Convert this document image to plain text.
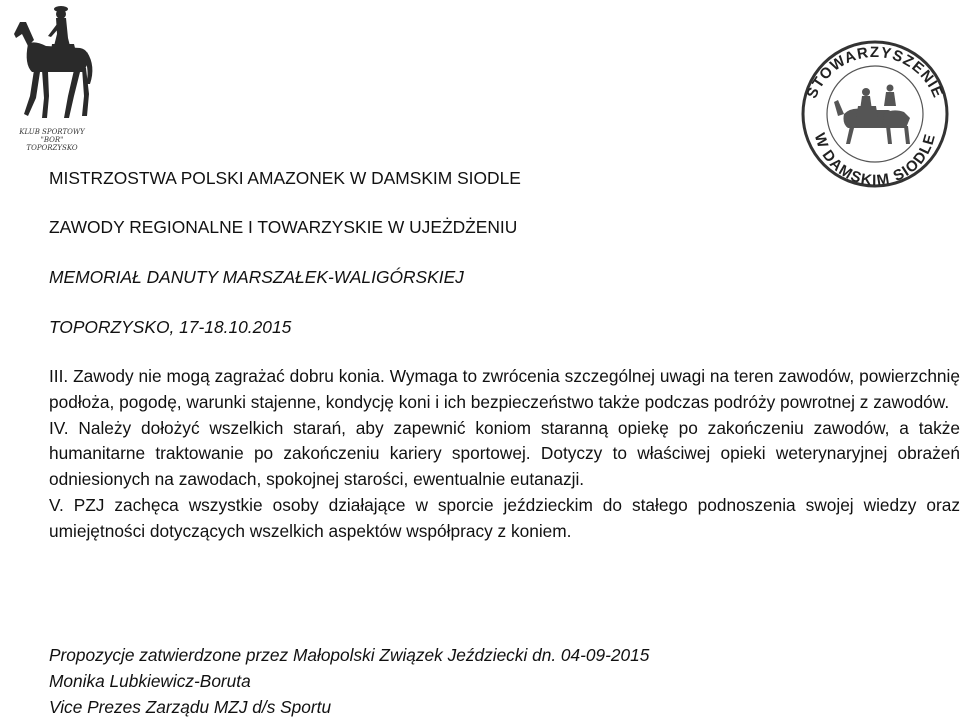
KLUB SPORTOWY "BOR"
TOPORZYSKO
STOWARZYSZENIE
W DAMSKIM SIODLE

MISTRZOSTWA POLSKI AMAZONEK W DAMSKIM SIODLE

ZAWODY REGIONALNE I TOWARZYSKIE W UJEŻDŻENIU

MEMORIAŁ DANUTY MARSZAŁEK-WALIGÓRSKIEJ

TOPORZYSKO, 17-18.10.2015

III. Zawody nie mogą zagrażać dobru konia. Wymaga to zwrócenia szczególnej uwagi na teren zawodów, powierzchnię podłoża, pogodę, warunki stajenne, kondycję koni i ich bezpieczeństwo także podczas podróży powrotnej z zawodów.

IV. Należy dołożyć wszelkich starań, aby zapewnić koniom staranną opiekę po zakończeniu zawodów, a także humanitarne traktowanie po zakończeniu kariery sportowej. Dotyczy to właściwej opieki weterynaryjnej obrażeń odniesionych na zawodach, spokojnej starości, ewentualnie eutanazji.

V. PZJ zachęca wszystkie osoby działające w sporcie jeździeckim do stałego podnoszenia swojej wiedzy oraz umiejętności dotyczących wszelkich aspektów współpracy z koniem.

Propozycje zatwierdzone przez Małopolski Związek Jeździecki dn. 04-09-2015
Monika Lubkiewicz-Boruta
Vice Prezes Zarządu MZJ d/s Sportu
